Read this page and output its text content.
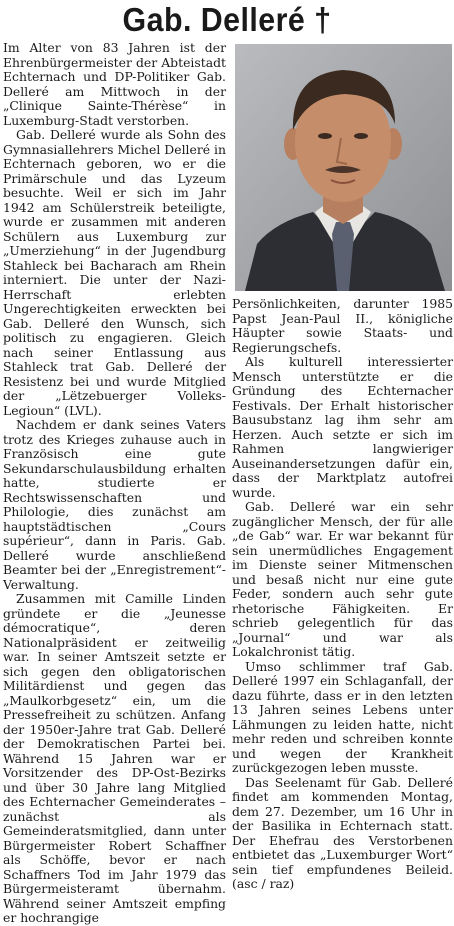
Gab. Delleré †

Im Alter von 83 Jahren ist der Ehrenbürgermeister der Abteistadt Echternach und DP-Politiker Gab. Delleré am Mittwoch in der „Clinique Sainte-Thérèse“ in Luxemburg-Stadt verstorben.

Gab. Delleré wurde als Sohn des Gymnasiallehrers Michel Delleré in Echternach geboren, wo er die Primärschule und das Lyzeum besuchte. Weil er sich im Jahr 1942 am Schülerstreik beteiligte, wurde er zusammen mit anderen Schülern aus Luxemburg zur „Umerziehung“ in der Jugendburg Stahleck bei Bacharach am Rhein interniert. Die unter der Nazi-Herrschaft erlebten Ungerechtigkeiten erweckten bei Gab. Delleré den Wunsch, sich politisch zu engagieren. Gleich nach seiner Entlassung aus Stahleck trat Gab. Delleré der Resistenz bei und wurde Mitglied der „Lëtzebuerger Volleks-Legioun“ (LVL).

Nachdem er dank seines Vaters trotz des Krieges zuhause auch in Französisch eine gute Sekundarschulausbildung erhalten hatte, studierte er Rechtswissenschaften und Philologie, dies zunächst am hauptstädtischen „Cours supérieur“, dann in Paris. Gab. Delleré wurde anschließend Beamter bei der „Enregistrement“-Verwaltung.

Zusammen mit Camille Linden gründete er die „Jeunesse démocratique“, deren Nationalpräsident er zeitweilig war. In seiner Amtszeit setzte er sich gegen den obligatorischen Militärdienst und gegen das „Maulkorbgesetz“ ein, um die Pressefreiheit zu schützen. Anfang der 1950er-Jahre trat Gab. Delleré der Demokratischen Partei bei. Während 15 Jahren war er Vorsitzender des DP-Ost-Bezirks und über 30 Jahre lang Mitglied des Echternacher Gemeinderates – zunächst als Gemeinderatsmitglied, dann unter Bürgermeister Robert Schaffner als Schöffe, bevor er nach Schaffners Tod im Jahr 1979 das Bürgermeisteramt übernahm. Während seiner Amtszeit empfing er hochrangige

Persönlichkeiten, darunter 1985 Papst Jean-Paul II., königliche Häupter sowie Staats- und Regierungschefs.

Als kulturell interessierter Mensch unterstützte er die Gründung des Echternacher Festivals. Der Erhalt historischer Bausubstanz lag ihm sehr am Herzen. Auch setzte er sich im Rahmen langwieriger Auseinandersetzungen dafür ein, dass der Marktplatz autofrei wurde.

Gab. Delleré war ein sehr zugänglicher Mensch, der für alle „de Gab“ war. Er war bekannt für sein unermüdliches Engagement im Dienste seiner Mitmenschen und besaß nicht nur eine gute Feder, sondern auch sehr gute rhetorische Fähigkeiten. Er schrieb gelegentlich für das „Journal“ und war als Lokalchronist tätig.

Umso schlimmer traf Gab. Delleré 1997 ein Schlaganfall, der dazu führte, dass er in den letzten 13 Jahren seines Lebens unter Lähmungen zu leiden hatte, nicht mehr reden und schreiben konnte und wegen der Krankheit zurückgezogen leben musste.

Das Seelenamt für Gab. Delleré findet am kommenden Montag, dem 27. Dezember, um 16 Uhr in der Basilika in Echternach statt. Der Ehefrau des Verstorbenen entbietet das „Luxemburger Wort“ sein tief empfundenes Beileid. (asc / raz)
